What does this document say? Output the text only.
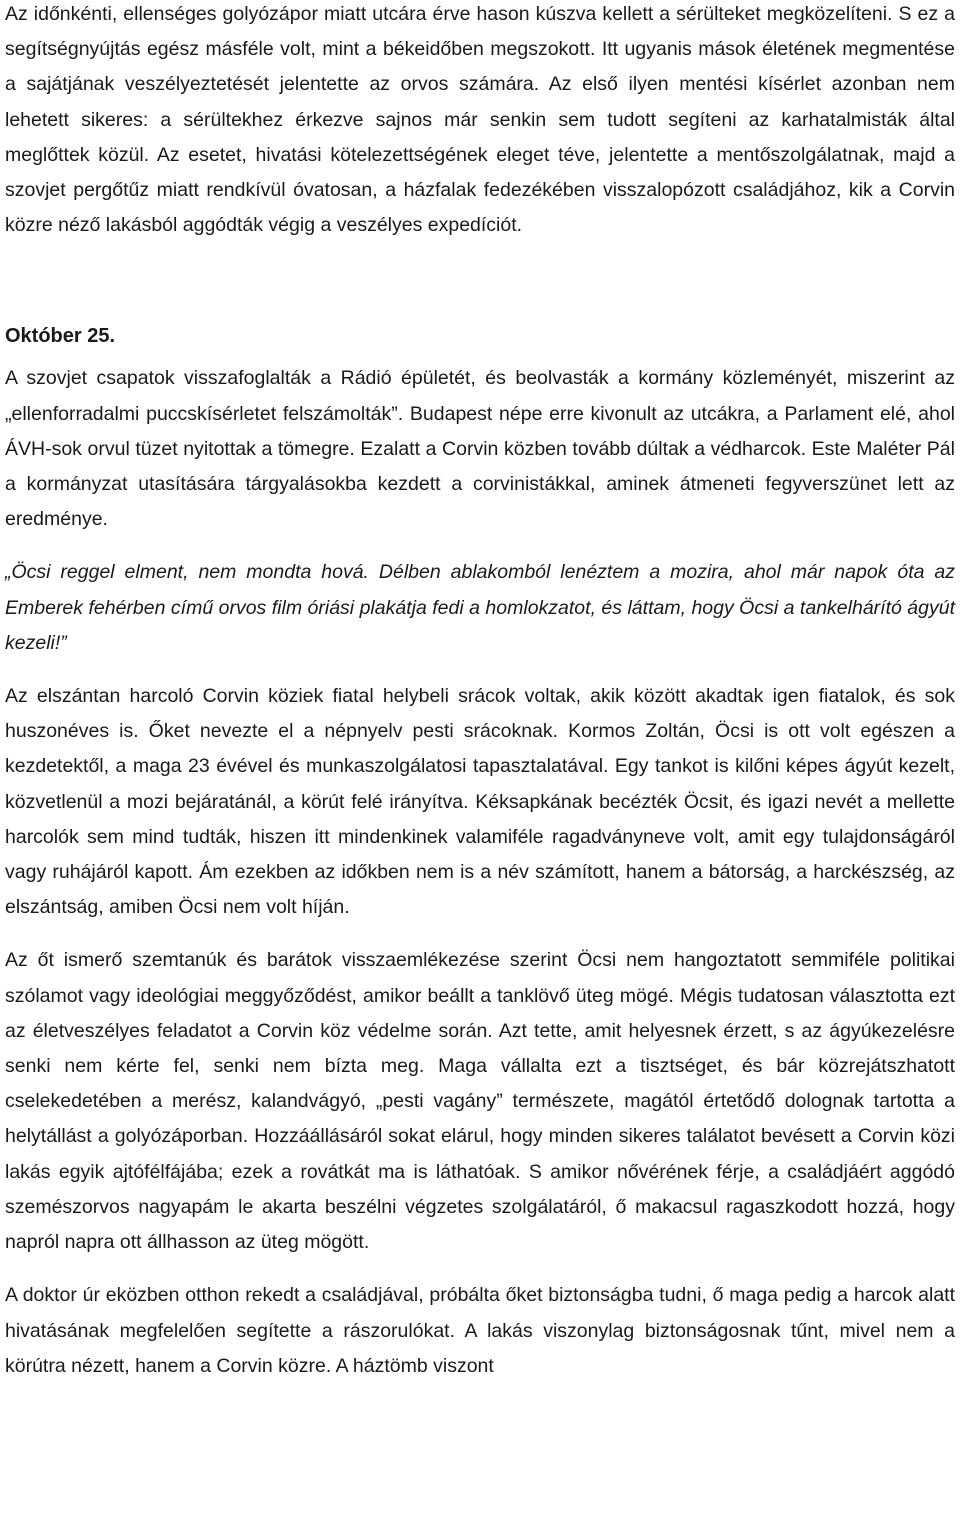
Az időnkénti, ellenséges golyózápor miatt utcára érve hason kúszva kellett a sérülteket megközelíteni. S ez a segítségnyújtás egész másféle volt, mint a békeidőben megszokott. Itt ugyanis mások életének megmentése a sajátjának veszélyeztetését jelentette az orvos számára. Az első ilyen mentési kísérlet azonban nem lehetett sikeres: a sérültekhez érkezve sajnos már senkin sem tudott segíteni az karhatalmisták által meglőttek közül. Az esetet, hivatási kötelezettségének eleget téve, jelentette a mentőszolgálatnak, majd a szovjet pergőtűz miatt rendkívül óvatosan, a házfalak fedezékében visszalopózott családjához, kik a Corvin közre néző lakásból aggódták végig a veszélyes expedíciót.

Október 25.

A szovjet csapatok visszafoglalták a Rádió épületét, és beolvasták a kormány közleményét, miszerint az „ellenforradalmi puccskísérletet felszámolták”. Budapest népe erre kivonult az utcákra, a Parlament elé, ahol ÁVH-sok orvul tüzet nyitottak a tömegre. Ezalatt a Corvin közben tovább dúltak a védharcok. Este Maléter Pál a kormányzat utasítására tárgyalásokba kezdett a corvinistákkal, aminek átmeneti fegyverszünet lett az eredménye.

„Öcsi reggel elment, nem mondta hová. Délben ablakomból lenéztem a mozira, ahol már napok óta az Emberek fehérben című orvos film óriási plakátja fedi a homlokzatot, és láttam, hogy Öcsi a tankelhárító ágyút kezeli!”

Az elszántan harcoló Corvin köziek fiatal helybeli srácok voltak, akik között akadtak igen fiatalok, és sok huszonéves is. Őket nevezte el a népnyelv pesti srácoknak. Kormos Zoltán, Öcsi is ott volt egészen a kezdetektől, a maga 23 évével és munkaszolgálatosi tapasztalatával. Egy tankot is kilőni képes ágyút kezelt, közvetlenül a mozi bejáratánál, a körút felé irányítva. Kéksapkának becézték Öcsit, és igazi nevét a mellette harcolók sem mind tudták, hiszen itt mindenkinek valamiféle ragadványneve volt, amit egy tulajdonságáról vagy ruhájáról kapott. Ám ezekben az időkben nem is a név számított, hanem a bátorság, a harckészség, az elszántság, amiben Öcsi nem volt híján.

Az őt ismerő szemtanúk és barátok visszaemlékezése szerint Öcsi nem hangoztatott semmiféle politikai szólamot vagy ideológiai meggyőződést, amikor beállt a tanklövő üteg mögé. Mégis tudatosan választotta ezt az életveszélyes feladatot a Corvin köz védelme során. Azt tette, amit helyesnek érzett, s az ágyúkezelésre senki nem kérte fel, senki nem bízta meg. Maga vállalta ezt a tisztséget, és bár közrejátszhatott cselekedetében a merész, kalandvágyó, „pesti vagány” természete, magától értetődő dolognak tartotta a helytállást a golyózáporban. Hozzáállásáról sokat elárul, hogy minden sikeres találatot bevésett a Corvin közi lakás egyik ajtófélfájába; ezek a rovátkát ma is láthatóak. S amikor nővérének férje, a családjáért aggódó szemészorvos nagyapám le akarta beszélni végzetes szolgálatáról, ő makacsul ragaszkodott hozzá, hogy napról napra ott állhasson az üteg mögött.

A doktor úr eközben otthon rekedt a családjával, próbálta őket biztonságba tudni, ő maga pedig a harcok alatt hivatásának megfelelően segítette a rászorulókat. A lakás viszonylag biztonságosnak tűnt, mivel nem a körútra nézett, hanem a Corvin közre. A háztömb viszont
